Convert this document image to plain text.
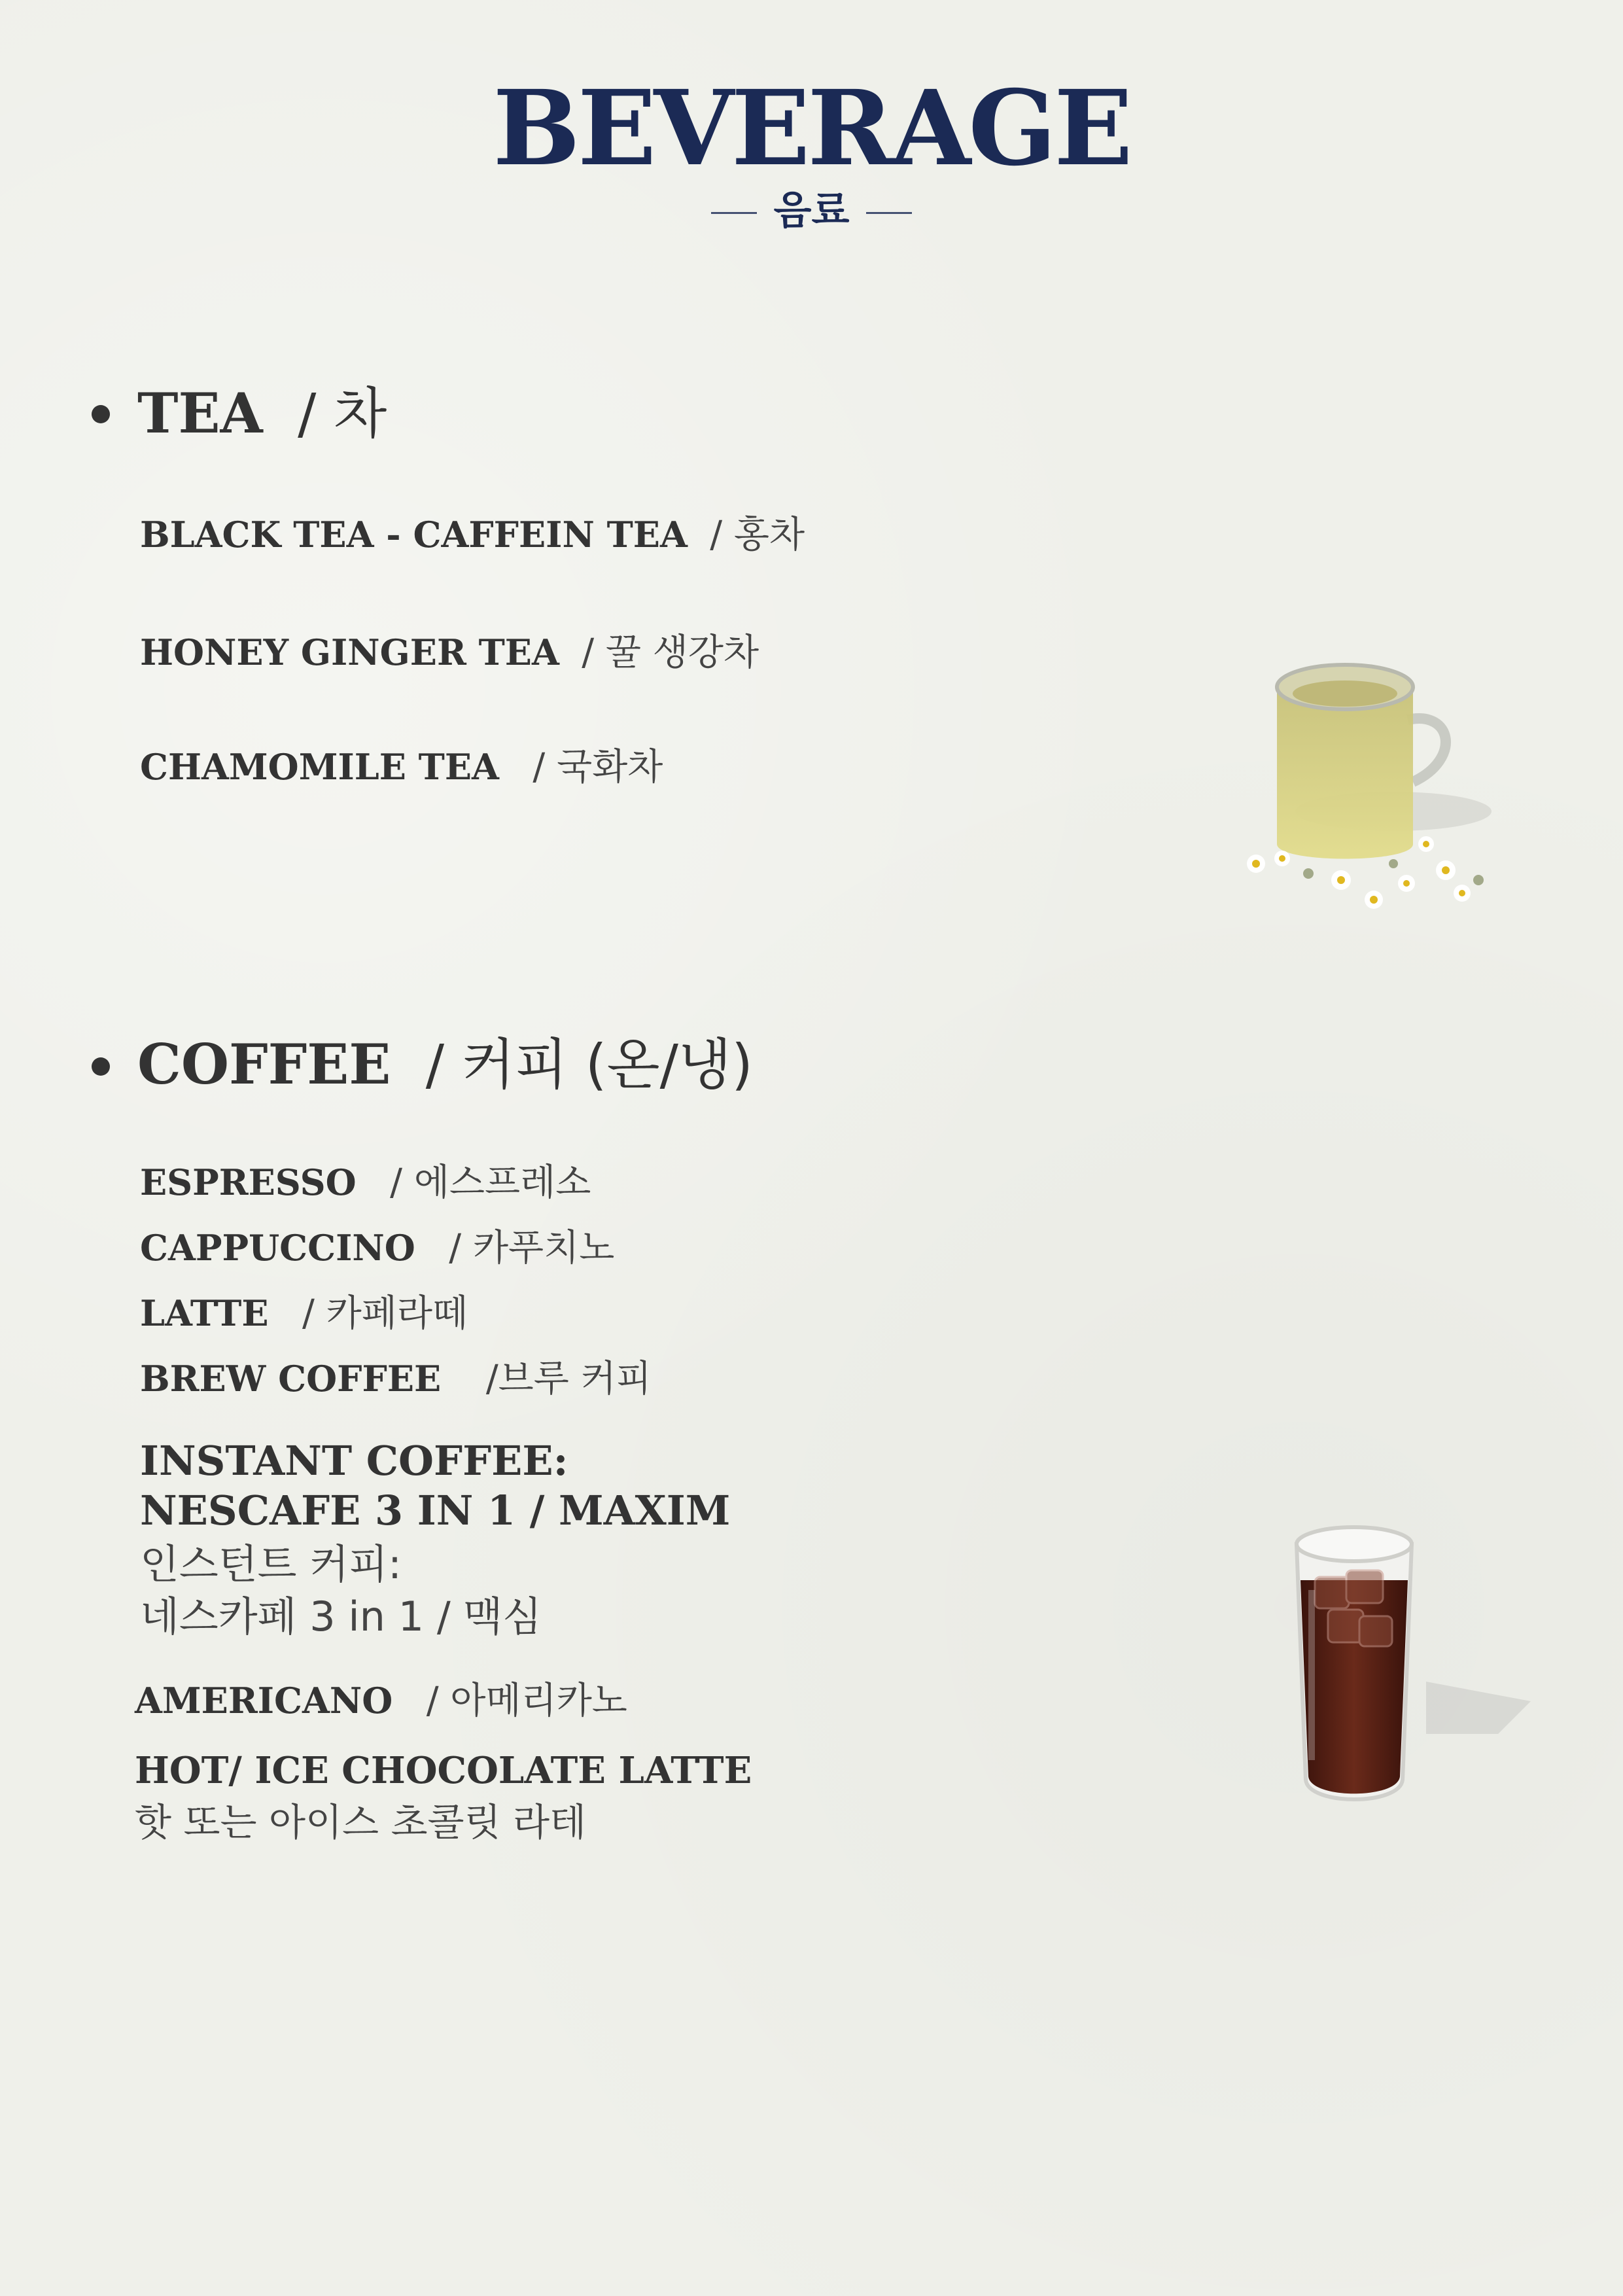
BEVERAGE
음료
TEA / 차
BLACK TEA - CAFFEIN TEA / 홍차
HONEY GINGER TEA / 꿀 생강차
CHAMOMILE TEA / 국화차
COFFEE / 커피 (온/냉)
ESPRESSO / 에스프레소
CAPPUCCINO / 카푸치노
LATTE / 카페라떼
BREW COFFEE /브루 커피
INSTANT COFFEE:
NESCAFE 3 IN 1 / MAXIM
인스턴트 커피:
네스카페 3 in 1 / 맥심
AMERICANO / 아메리카노
HOT/ ICE CHOCOLATE LATTE
핫 또는 아이스 초콜릿 라테
